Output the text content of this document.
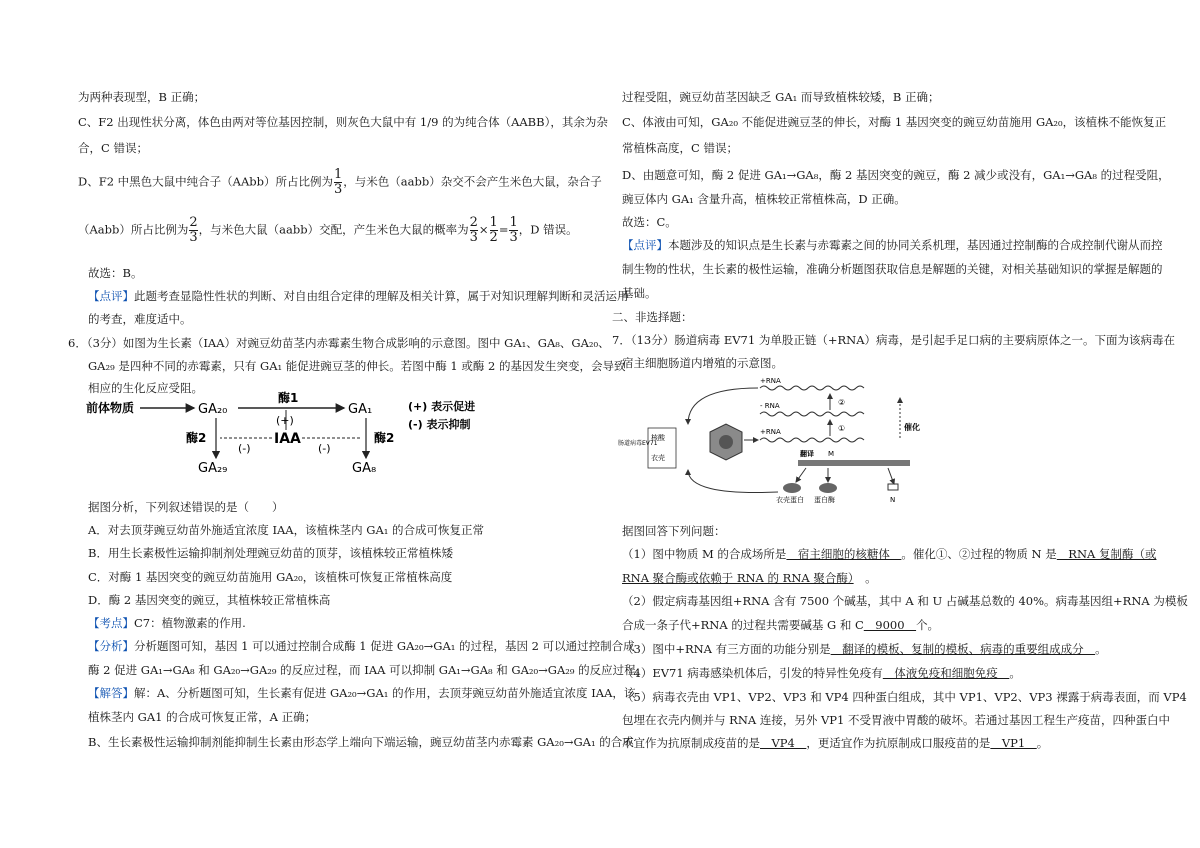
为两种表现型，B 正确；
C、F2 出现性状分离，体色由两对等位基因控制，则灰色大鼠中有 1/9 的为纯合体（AABB），其余为杂
合，C 错误；
D、F2 中黑色大鼠中纯合子（AAbb）所占比例为 $\frac{1}{3}$ ，与米色（aabb）杂交不会产生米色大鼠，杂合子
（Aabb）所占比例为 $\frac{2}{3}$ ，与米色大鼠（aabb）交配，产生米色大鼠的概率为 $\frac{2}{3} \times \frac{1}{2} = \frac{1}{3}$ ，D 错误。
故选：B。
【点评】此题考查显隐性性状的判断、对自由组合定律的理解及相关计算，属于对知识理解判断和灵活运用
的考查，难度适中。
6．（3分）如图为生长素（IAA）对豌豆幼苗茎内赤霉素生物合成影响的示意图。图中 GA₁、GA₈、GA₂₀、
GA₂₉ 是四种不同的赤霉素，只有 GA₁ 能促进豌豆茎的伸长。若图中酶 1 或酶 2 的基因发生突变，会导致
相应的生化反应受阻。
前体物质	GA₂₀	GA₁
酶1
(+)
酶2	酶2
IAA
(-)	(-)
GA₂₉	GA₈
(+) 表示促进
(-) 表示抑制
据图分析，下列叙述错误的是（　　）
A．对去顶芽豌豆幼苗外施适宜浓度 IAA，该植株茎内 GA₁ 的合成可恢复正常
B．用生长素极性运输抑制剂处理豌豆幼苗的顶芽，该植株较正常植株矮
C．对酶 1 基因突变的豌豆幼苗施用 GA₂₀，该植株可恢复正常植株高度
D．酶 2 基因突变的豌豆，其植株较正常植株高
【考点】C7：植物激素的作用.
【分析】分析题图可知，基因 1 可以通过控制合成酶 1 促进 GA₂₀→GA₁ 的过程，基因 2 可以通过控制合成
酶 2 促进 GA₁→GA₈ 和 GA₂₀→GA₂₉ 的反应过程，而 IAA 可以抑制 GA₁→GA₈ 和 GA₂₀→GA₂₉ 的反应过程。
【解答】解：A、分析题图可知，生长素有促进 GA₂₀→GA₁ 的作用，去顶芽豌豆幼苗外施适宜浓度 IAA，该
植株茎内 GA1 的合成可恢复正常，A 正确；
B、生长素极性运输抑制剂能抑制生长素由形态学上端向下端运输，豌豆幼苗茎内赤霉素 GA₂₀→GA₁ 的合成
过程受阻，豌豆幼苗茎因缺乏 GA₁ 而导致植株较矮，B 正确；
C、体液由可知，GA₂₀ 不能促进豌豆茎的伸长，对酶 1 基因突变的豌豆幼苗施用 GA₂₀，该植株不能恢复正
常植株高度，C 错误；
D、由题意可知，酶 2 促进 GA₁→GA₈，酶 2 基因突变的豌豆，酶 2 减少或没有，GA₁→GA₈ 的过程受阻，
豌豆体内 GA₁ 含量升高，植株较正常植株高，D 正确。
故选：C。
【点评】本题涉及的知识点是生长素与赤霉素之间的协同关系机理，基因通过控制酶的合成控制代谢从而控
制生物的性状，生长素的极性运输，准确分析题图获取信息是解题的关键，对相关基础知识的掌握是解题的
基础。
二、非选择题：
7．（13分）肠道病毒 EV71 为单股正链（+RNA）病毒，是引起手足口病的主要病原体之一。下面为该病毒在
宿主细胞肠道内增殖的示意图。
+RNA
- RNA
+RNA
②
①
肠道病毒EV71
核酸
衣壳	翻译 M
催化
衣壳蛋白 蛋白酶	N
据图回答下列问题：
（1）图中物质 M 的合成场所是　宿主细胞的核糖体　。催化①、②过程的物质 N 是　RNA 复制酶（或
RNA 聚合酶或依赖于 RNA 的 RNA 聚合酶）　。
（2）假定病毒基因组+RNA 含有 7500 个碱基，其中 A 和 U 占碱基总数的 40%。病毒基因组+RNA 为模板
合成一条子代+RNA 的过程共需要碱基 G 和 C　9000　个。
（3）图中+RNA 有三方面的功能分别是　翻译的模板、复制的模板、病毒的重要组成成分　。
（4）EV71 病毒感染机体后，引发的特异性免疫有　体液免疫和细胞免疫　。
（5）病毒衣壳由 VP1、VP2、VP3 和 VP4 四种蛋白组成，其中 VP1、VP2、VP3 裸露于病毒表面，而 VP4
包埋在衣壳内侧并与 RNA 连接，另外 VP1 不受胃液中胃酸的破坏。若通过基因工程生产疫苗，四种蛋白中
不宜作为抗原制成疫苗的是　VP4　，更适宜作为抗原制成口服疫苗的是　VP1　。
